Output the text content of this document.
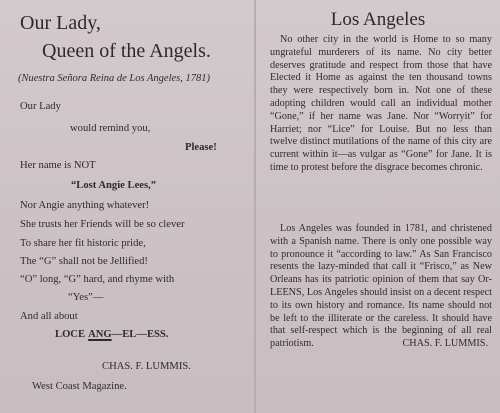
Our Lady,
Queen of the Angels.
(Nuestra Señora Reina de Los Angeles, 1781)
Our Lady
would remind you,
Please!
Her name is NOT
“Lost Angie Lees,”
Nor Angie anything whatever!
She trusts her Friends will be so clever
To share her fit historic pride,
The “G” shall not be Jellified!
“O” long, “G” hard, and rhyme with
“Yes”—
And all about
LOCE ANG—EL—ESS.
CHAS. F. LUMMIS.
West Coast Magazine.
Los Angeles

No other city in the world is Home to so many ungrateful murderers of its name. No city better deserves gratitude and respect from those that have Elected it Home as against the ten thousand towns they were respectively born in. Not one of these adopting children would call an individual mother “Gone,” if her name was Jane. Nor “Worryit” for Harriet; nor “Lice” for Louise. But no less than twelve distinct mutilations of the name of this city are current within it—as vulgar as “Gone” for Jane. It is time to protest before the disgrace becomes chronic.

Los Angeles was founded in 1781, and christened with a Spanish name. There is only one possible way to pronounce it “according to law.” As San Francisco resents the lazy-minded that call it “Frisco,” as New Orleans has its patriotic opinion of them that say Or-LEENS, Los Angeles should insist on a decent respect to its own history and romance. Its name should not be left to the illiterate or the careless. It should have that self-respect which is the beginning of all real patriotism.	CHAS. F. LUMMIS.
